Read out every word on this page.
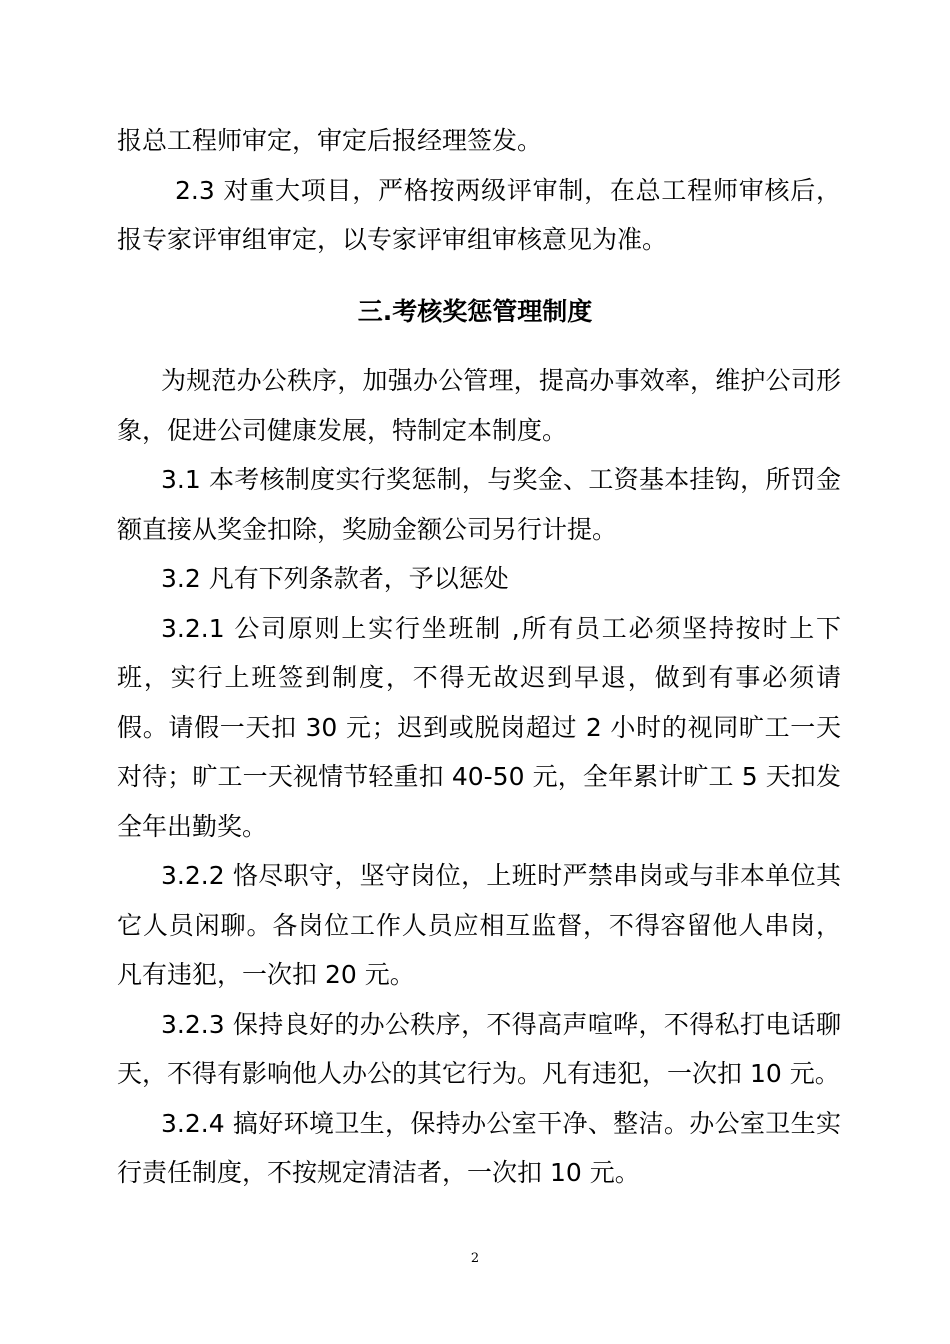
报总工程师审定，审定后报经理签发。

2.3 对重大项目，严格按两级评审制，在总工程师审核后，报专家评审组审定，以专家评审组审核意见为准。

三.考核奖惩管理制度

为规范办公秩序，加强办公管理，提高办事效率，维护公司形象，促进公司健康发展，特制定本制度。

3.1 本考核制度实行奖惩制，与奖金、工资基本挂钩，所罚金额直接从奖金扣除，奖励金额公司另行计提。

3.2 凡有下列条款者，予以惩处

3.2.1 公司原则上实行坐班制 ,所有员工必须坚持按时上下班，实行上班签到制度，不得无故迟到早退，做到有事必须请假。请假一天扣 30 元；迟到或脱岗超过 2 小时的视同旷工一天对待；旷工一天视情节轻重扣 40-50 元，全年累计旷工 5 天扣发全年出勤奖。

3.2.2 恪尽职守，坚守岗位，上班时严禁串岗或与非本单位其它人员闲聊。各岗位工作人员应相互监督，不得容留他人串岗，凡有违犯，一次扣 20 元。

3.2.3 保持良好的办公秩序，不得高声喧哗，不得私打电话聊天，不得有影响他人办公的其它行为。凡有违犯，一次扣 10 元。

3.2.4 搞好环境卫生，保持办公室干净、整洁。办公室卫生实行责任制度，不按规定清洁者，一次扣 10 元。

2
